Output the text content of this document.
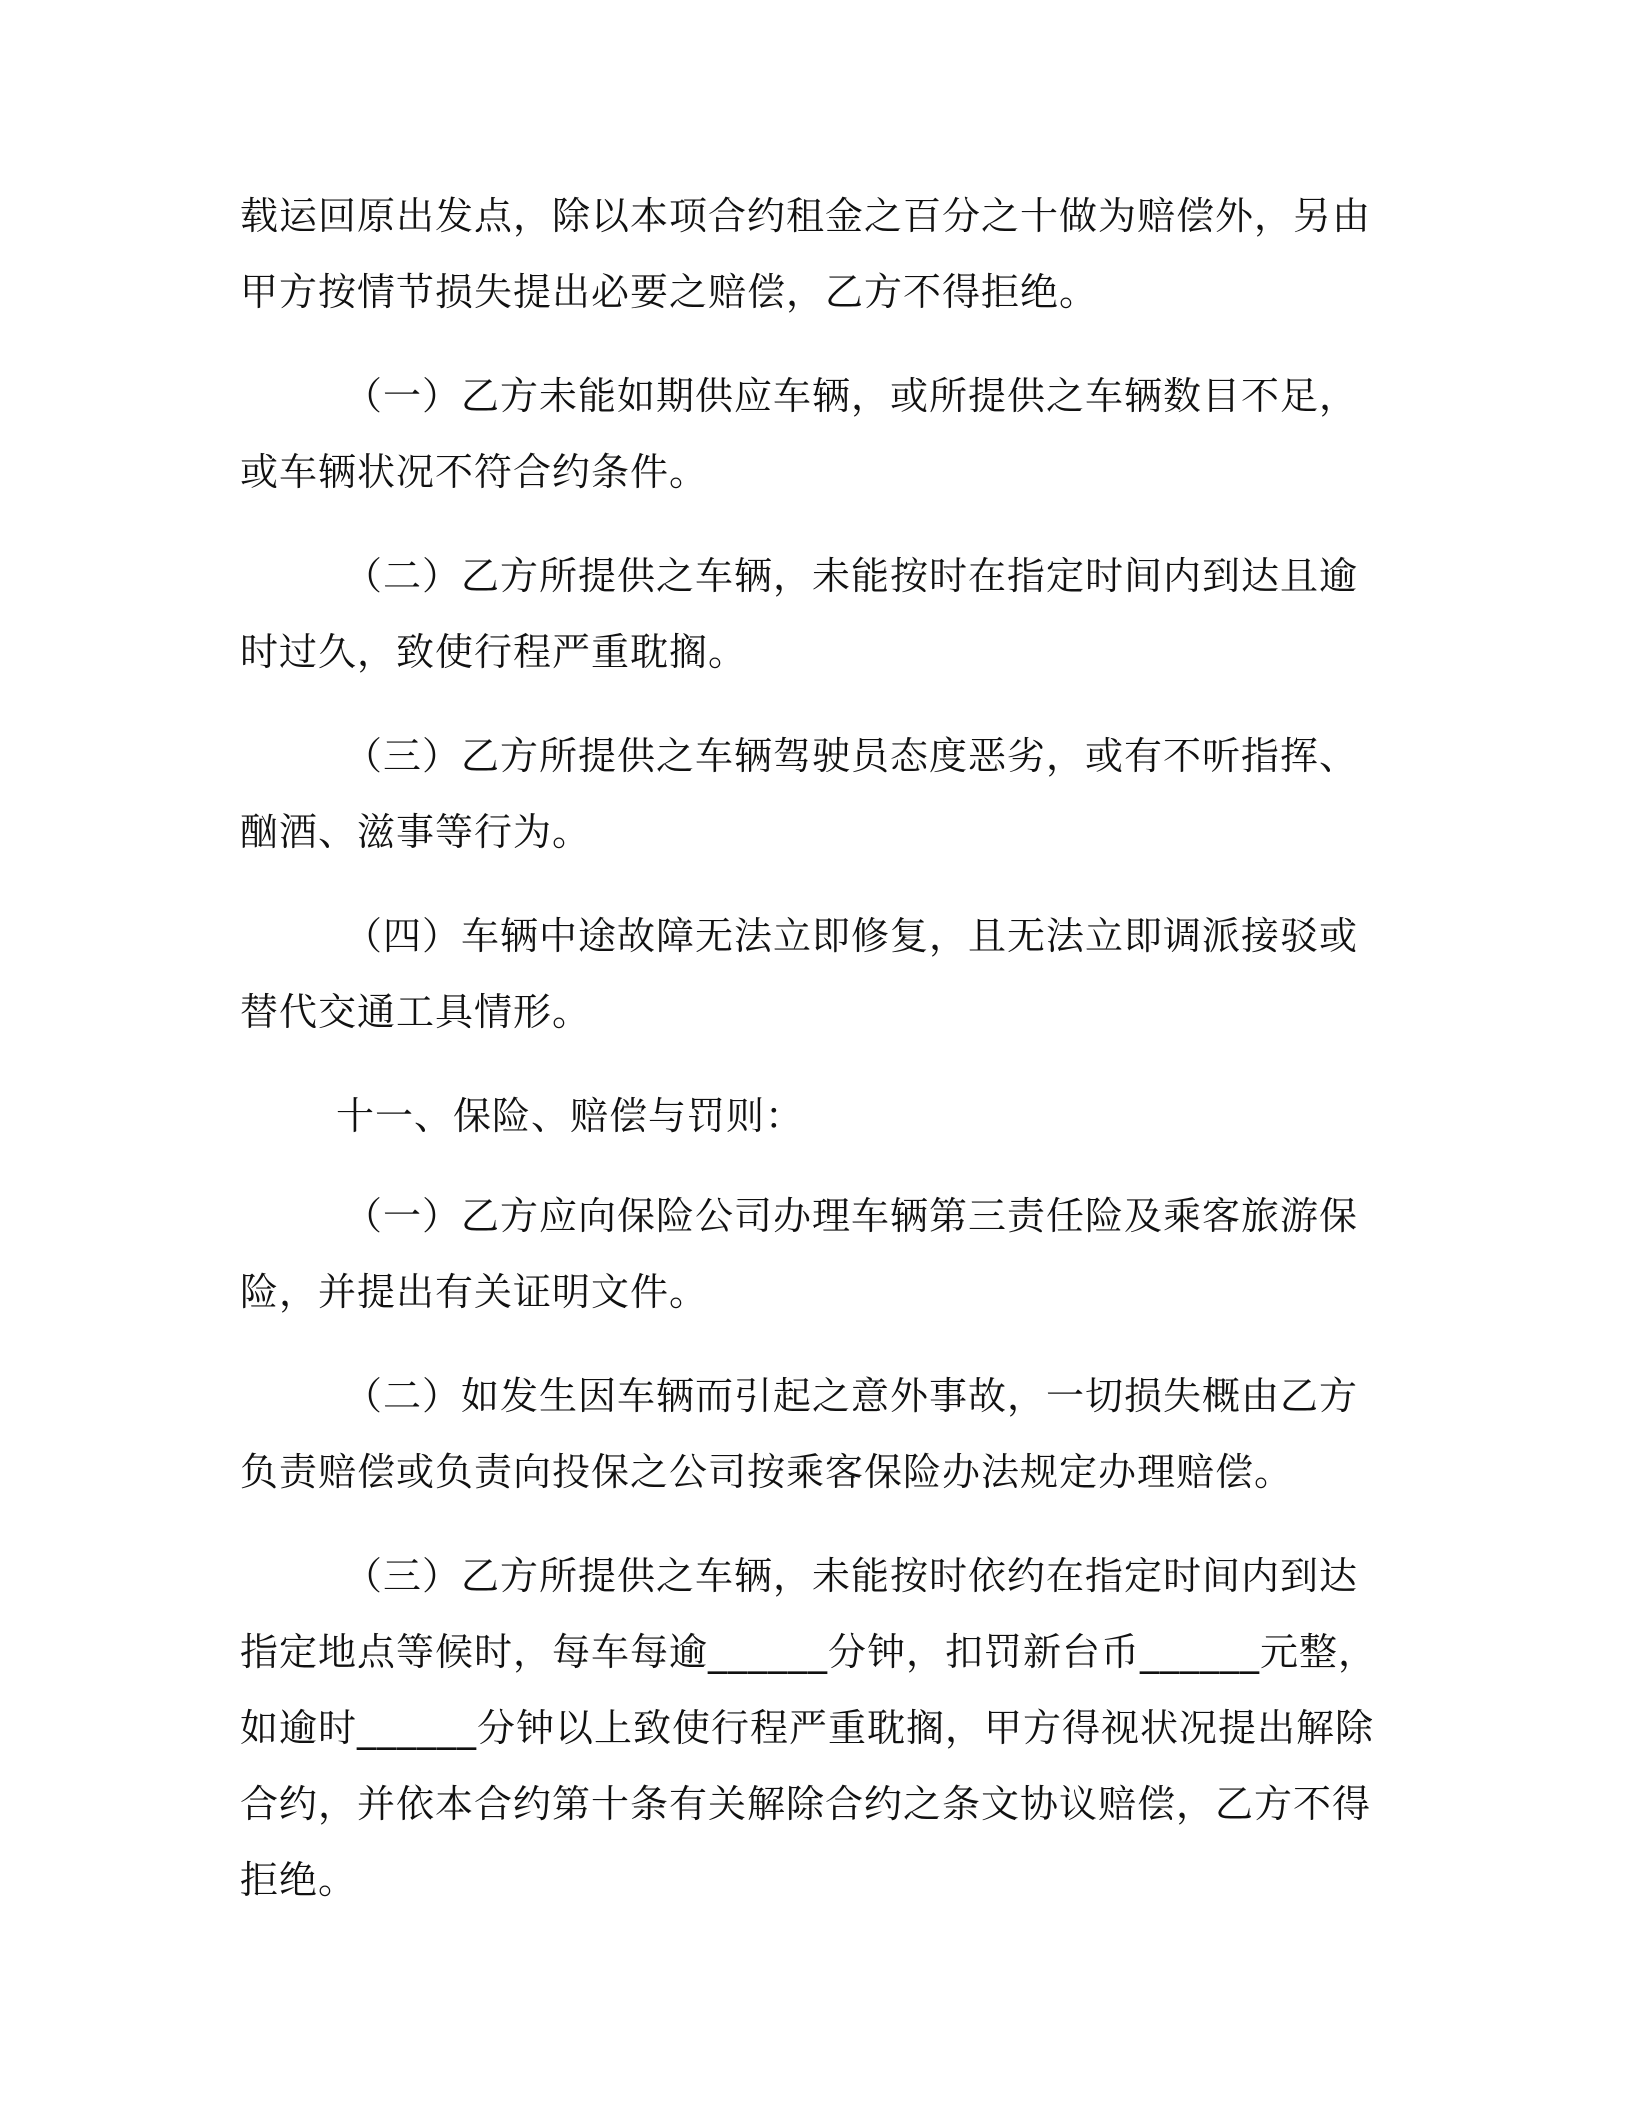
载运回原出发点，除以本项合约租金之百分之十做为赔偿外，另由甲方按情节损失提出必要之赔偿，乙方不得拒绝。

（一）乙方未能如期供应车辆，或所提供之车辆数目不足，或车辆状况不符合约条件。

（二）乙方所提供之车辆，未能按时在指定时间内到达且逾时过久，致使行程严重耽搁。

（三）乙方所提供之车辆驾驶员态度恶劣，或有不听指挥、酗酒、滋事等行为。

（四）车辆中途故障无法立即修复，且无法立即调派接驳或替代交通工具情形。

十一、保险、赔偿与罚则：

（一）乙方应向保险公司办理车辆第三责任险及乘客旅游保险，并提出有关证明文件。

（二）如发生因车辆而引起之意外事故，一切损失概由乙方负责赔偿或负责向投保之公司按乘客保险办法规定办理赔偿。

（三）乙方所提供之车辆，未能按时依约在指定时间内到达指定地点等候时，每车每逾______分钟，扣罚新台币______元整，如逾时______分钟以上致使行程严重耽搁，甲方得视状况提出解除合约，并依本合约第十条有关解除合约之条文协议赔偿，乙方不得拒绝。
